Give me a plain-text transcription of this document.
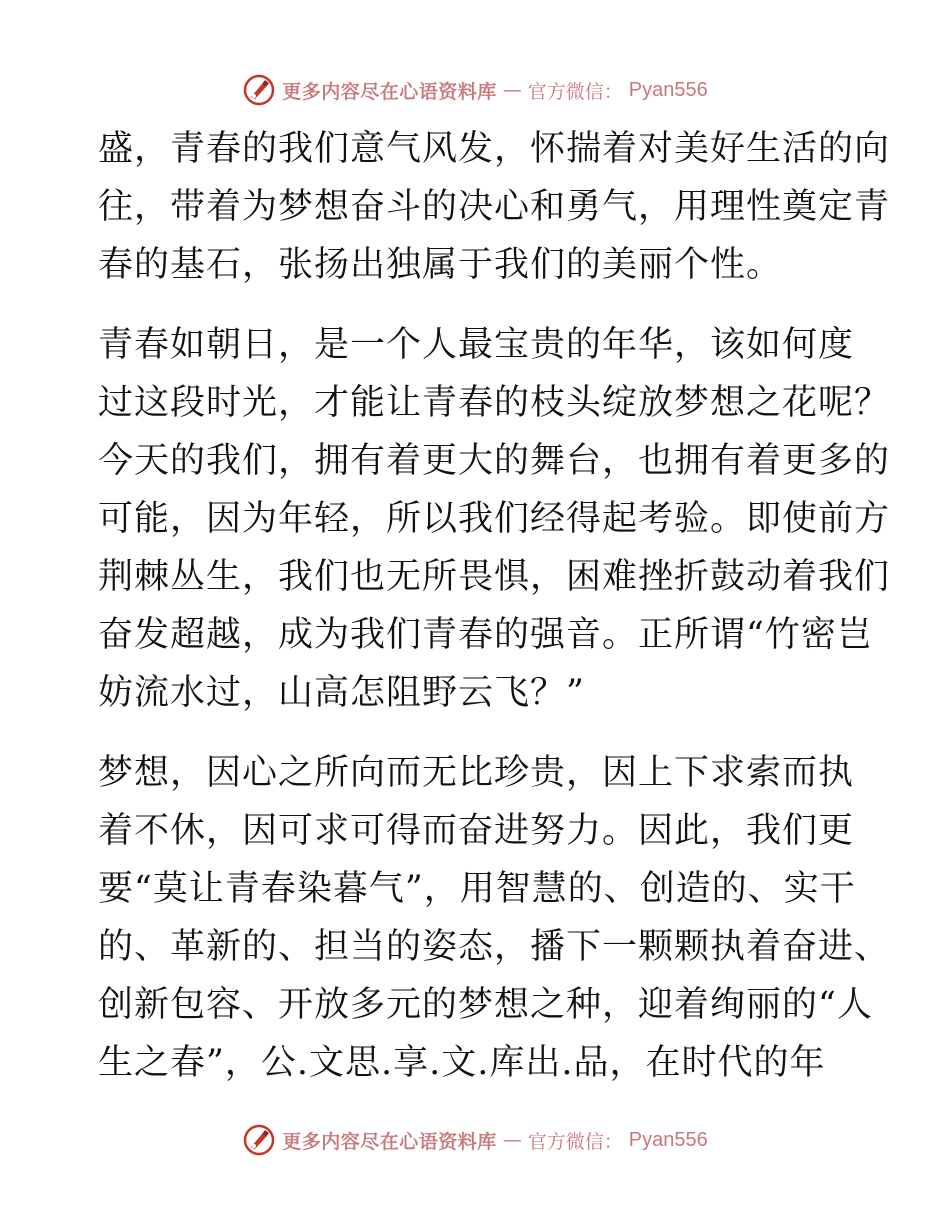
更多内容尽在心语资料库 — 官方微信： Pyan556

盛，青春的我们意气风发，怀揣着对美好生活的向
往，带着为梦想奋斗的决心和勇气，用理性奠定青
春的基石，张扬出独属于我们的美丽个性。

青春如朝日，是一个人最宝贵的年华，该如何度
过这段时光，才能让青春的枝头绽放梦想之花呢？
今天的我们，拥有着更大的舞台，也拥有着更多的
可能，因为年轻，所以我们经得起考验。即使前方
荆棘丛生，我们也无所畏惧，困难挫折鼓动着我们
奋发超越，成为我们青春的强音。正所谓“竹密岂
妨流水过，山高怎阻野云飞？”

梦想，因心之所向而无比珍贵，因上下求索而执
着不休，因可求可得而奋进努力。因此，我们更
要“莫让青春染暮气”，用智慧的、创造的、实干
的、革新的、担当的姿态，播下一颗颗执着奋进、
创新包容、开放多元的梦想之种，迎着绚丽的“人
生之春”，公.文思.享.文.库出.品，在时代的年

更多内容尽在心语资料库 — 官方微信： Pyan556
